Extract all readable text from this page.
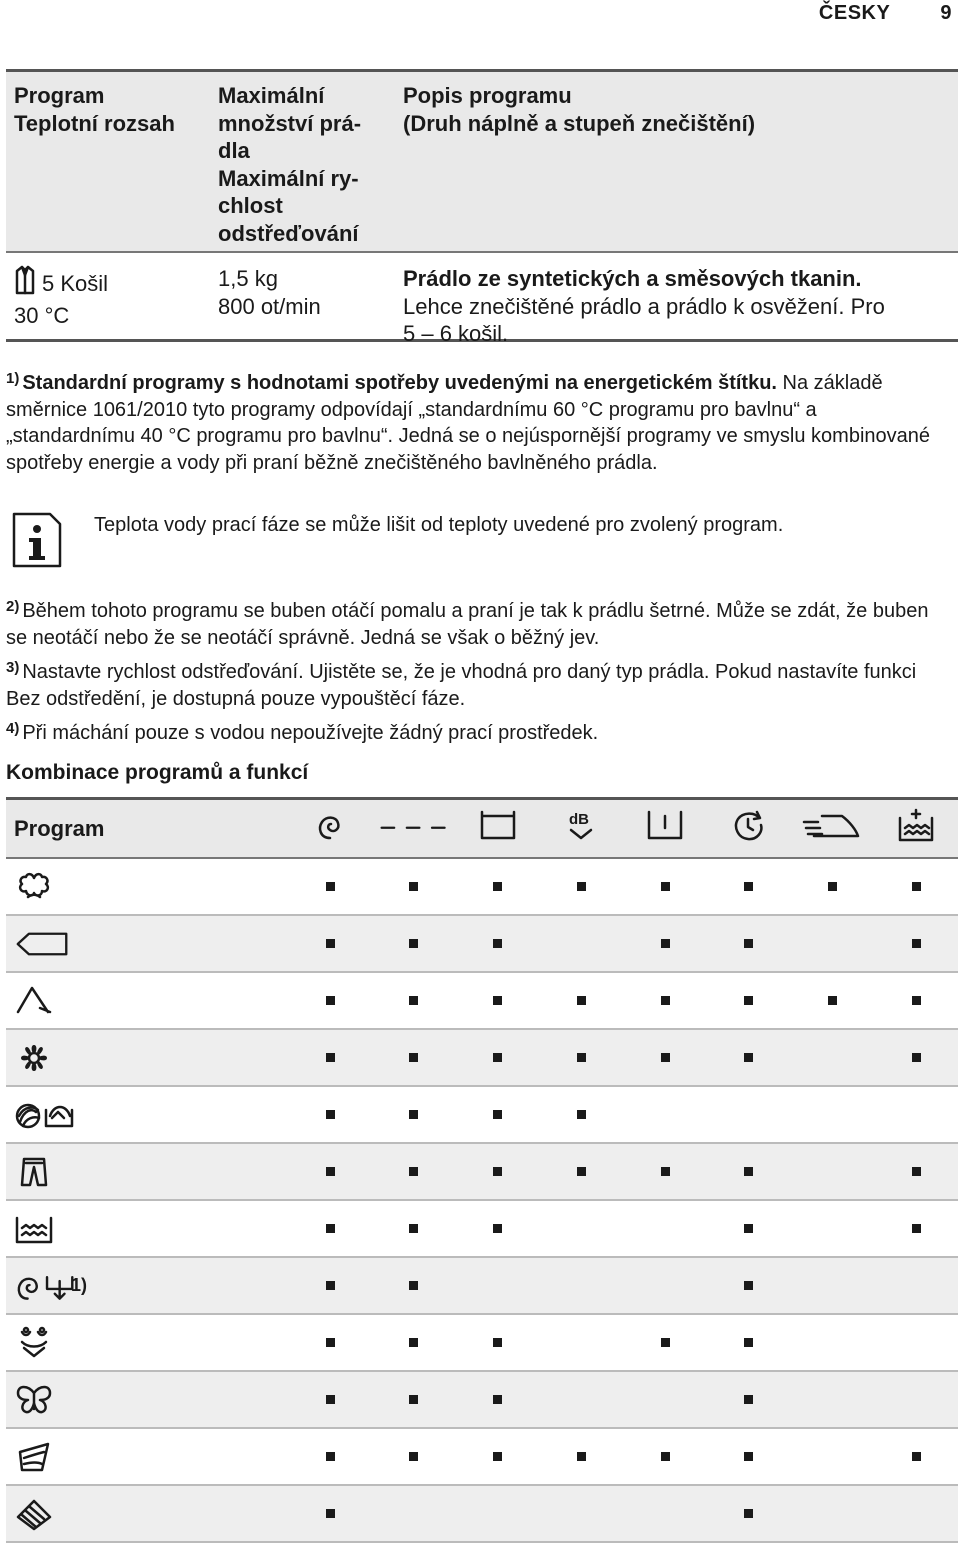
ČESKY	9
Program
Teplotní rozsah
Maximální
množství prá-
dla
Maximální ry-
chlost
odstřeďování
Popis programu
(Druh náplně a stupeň znečištění)
5 Košil
30 °C
1,5 kg
800 ot/min
Prádlo ze syntetických a směsových tkanin.
Lehce znečištěné prádlo a prádlo k osvěžení. Pro
5 – 6 košil.
$^{1)}$ Standardní programy s hodnotami spotřeby uvedenými na energetickém štítku. Na základě směrnice 1061/2010 tyto programy odpovídají „standardnímu 60 °C programu pro bavlnu“ a „standardnímu 40 °C programu pro bavlnu“. Jedná se o nejúspornější programy ve smyslu kombinované spotřeby energie a vody při praní běžně znečištěného bavlněného prádla.
Teplota vody prací fáze se může lišit od teploty uvedené pro zvolený program.
$^{2)}$ Během tohoto programu se buben otáčí pomalu a praní je tak k prádlu šetrné. Může se zdát, že buben se neotáčí nebo že se neotáčí správně. Jedná se však o běžný jev.
$^{3)}$ Nastavte rychlost odstřeďování. Ujistěte se, že je vhodná pro daný typ prádla. Pokud nastavíte funkci Bez odstředění, je dostupná pouze vypouštěcí fáze.
$^{4)}$ Při máchání pouze s vodou nepoužívejte žádný prací prostředek.
Kombinace programů a funkcí
Program	dB
1)
